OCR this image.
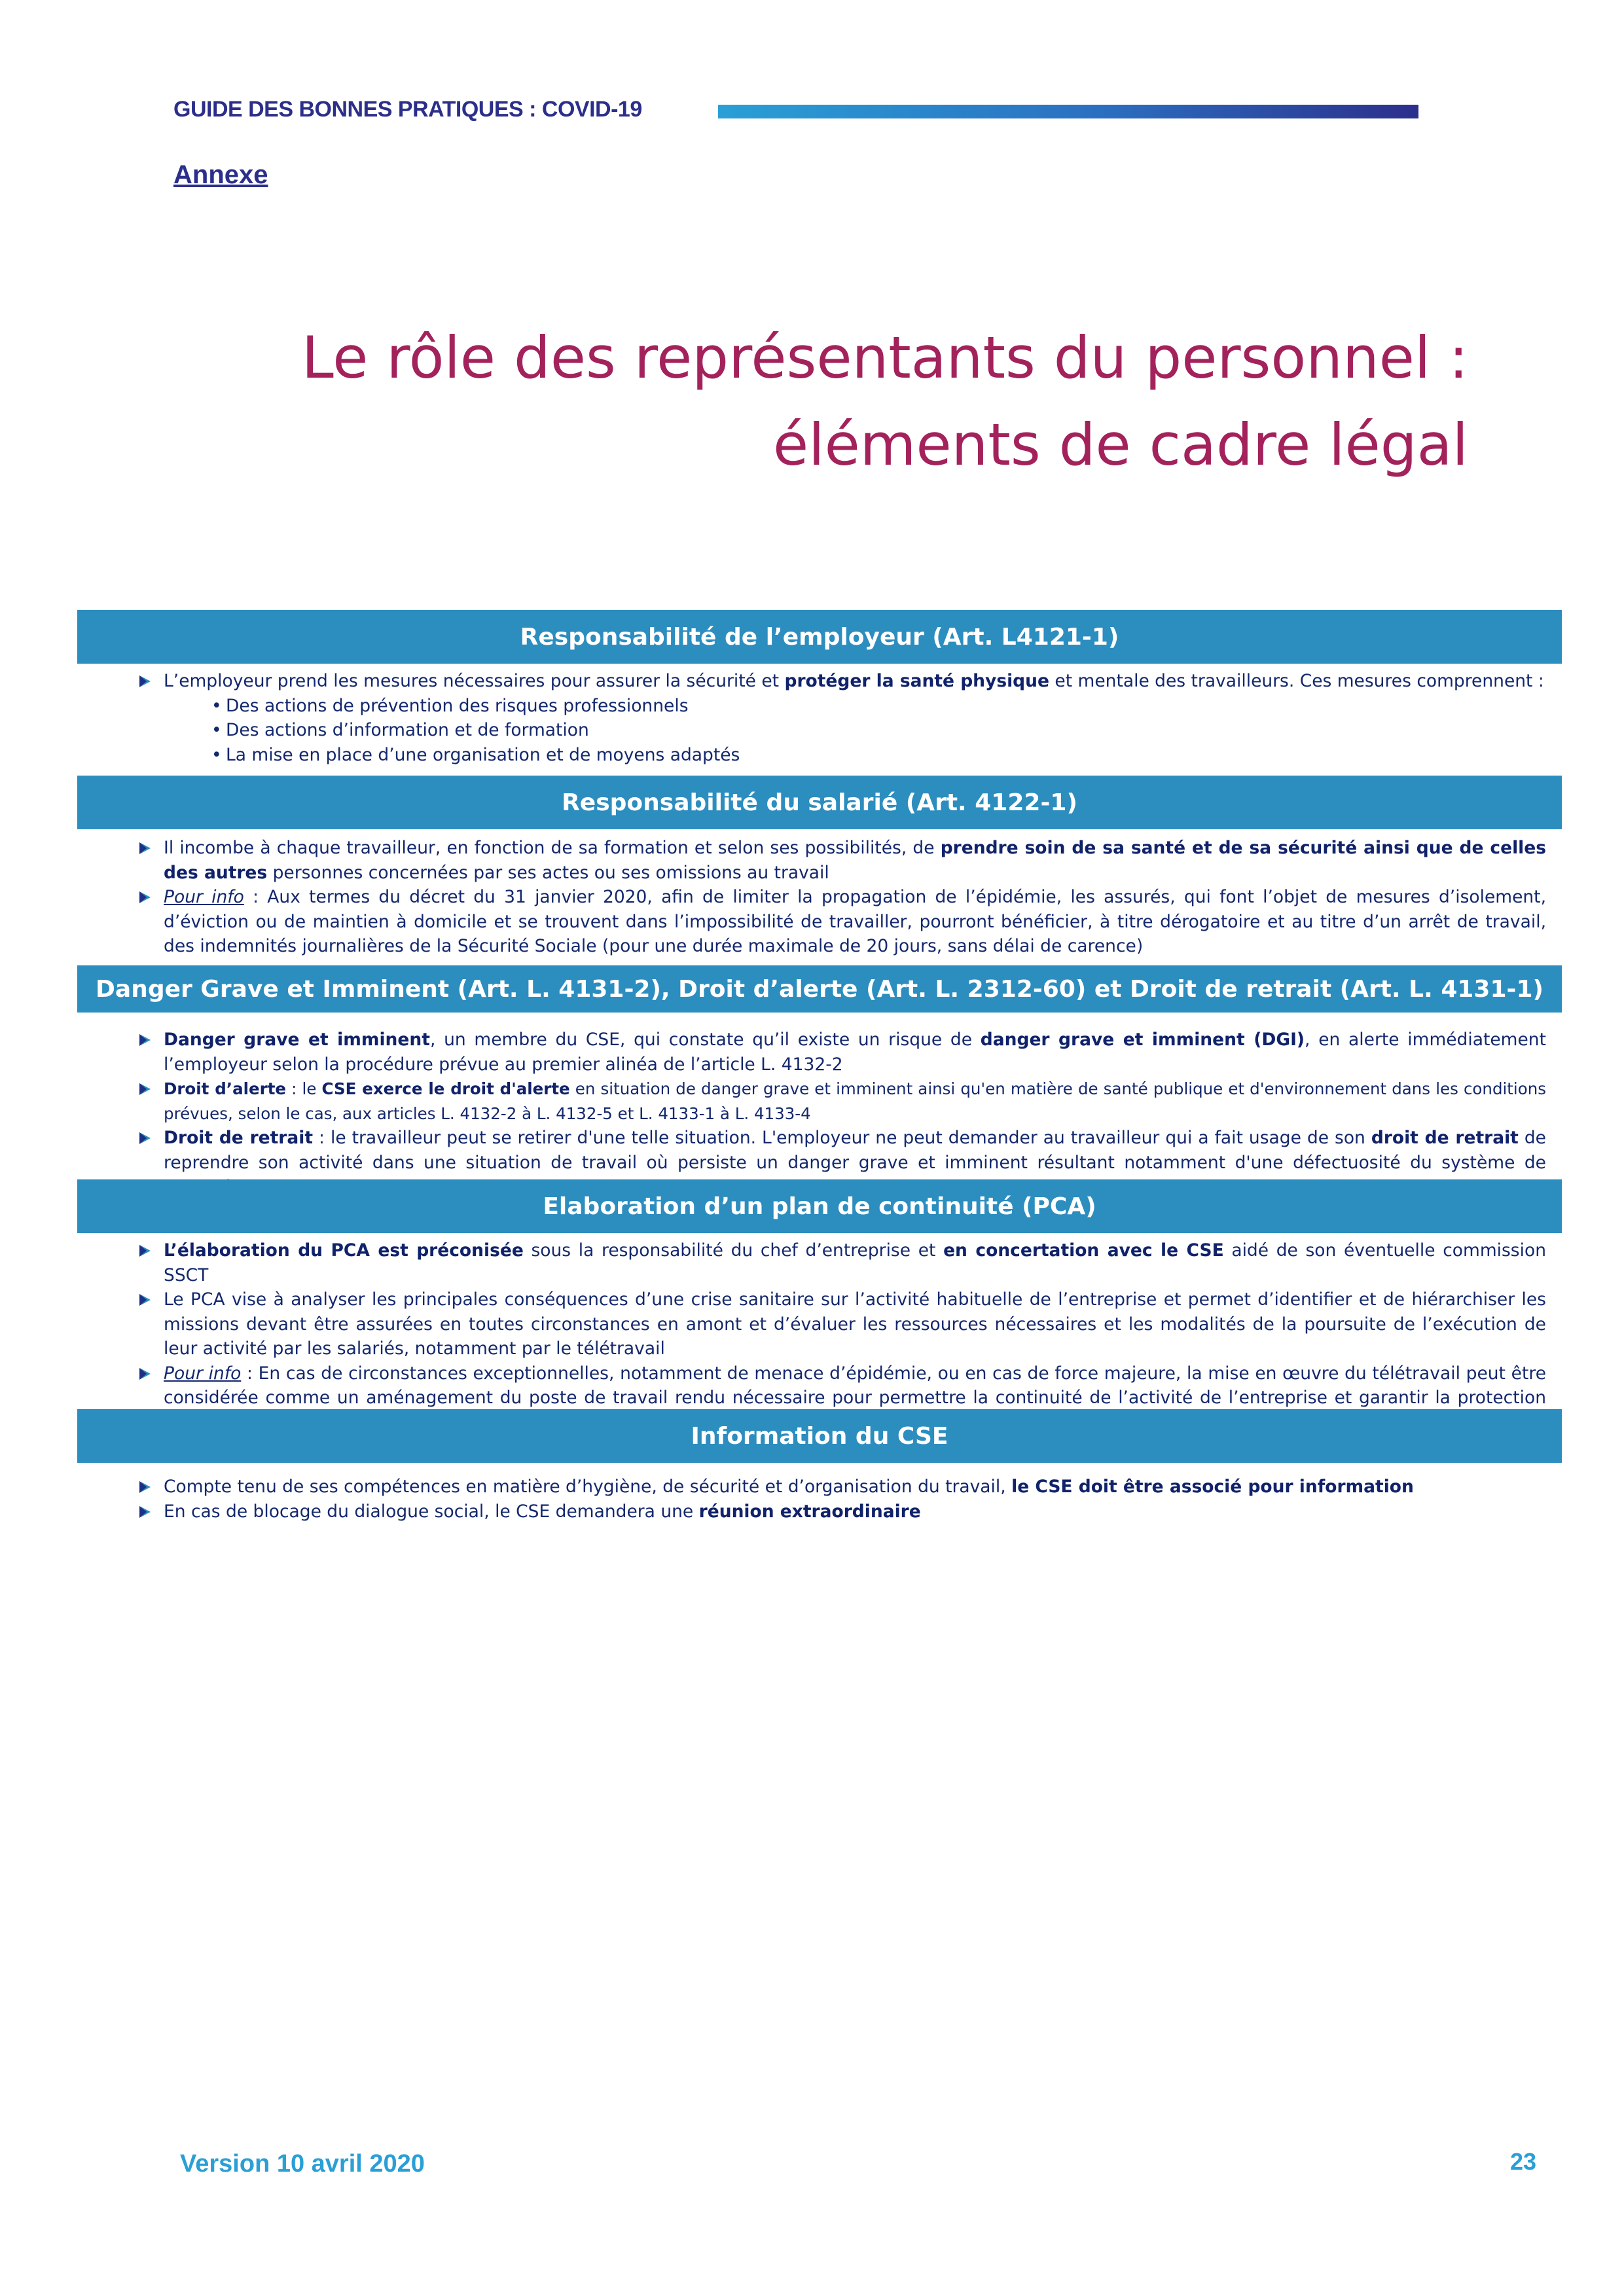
GUIDE DES BONNES PRATIQUES : COVID-19
Annexe
Le rôle des représentants du personnel :
éléments de cadre légal
Responsabilité de l’employeur (Art. L4121-1)
L’employeur prend les mesures nécessaires pour assurer la sécurité et protéger la santé physique et mentale des travailleurs. Ces mesures comprennent :
• Des actions de prévention des risques professionnels
• Des actions d’information et de formation
• La mise en place d’une organisation et de moyens adaptés
Responsabilité du salarié (Art. 4122-1)
Il incombe à chaque travailleur, en fonction de sa formation et selon ses possibilités, de prendre soin de sa santé et de sa sécurité ainsi que de celles des autres personnes concernées par ses actes ou ses omissions au travail
Pour info : Aux termes du décret du 31 janvier 2020, afin de limiter la propagation de l’épidémie, les assurés, qui font l’objet de mesures d’isolement, d’éviction ou de maintien à domicile et se trouvent dans l’impossibilité de travailler, pourront bénéficier, à titre dérogatoire et au titre d’un arrêt de travail, des indemnités journalières de la Sécurité Sociale (pour une durée maximale de 20 jours, sans délai de carence)
Danger Grave et Imminent (Art. L. 4131-2), Droit d’alerte (Art. L. 2312-60) et Droit de retrait (Art. L. 4131-1)
Danger grave et imminent, un membre du CSE, qui constate qu’il existe un risque de danger grave et imminent (DGI), en alerte immédiatement l’employeur selon la procédure prévue au premier alinéa de l’article L. 4132-2
Droit d’alerte : le CSE exerce le droit d'alerte en situation de danger grave et imminent ainsi qu'en matière de santé publique et d'environnement dans les conditions prévues, selon le cas, aux articles L. 4132-2 à L. 4132-5 et L. 4133-1 à L. 4133-4
Droit de retrait : le travailleur peut se retirer d'une telle situation. L'employeur ne peut demander au travailleur qui a fait usage de son droit de retrait de reprendre son activité dans une situation de travail où persiste un danger grave et imminent résultant notamment d'une défectuosité du système de
Elaboration d’un plan de continuité (PCA)
L’élaboration du PCA est préconisée sous la responsabilité du chef d’entreprise et en concertation avec le CSE aidé de son éventuelle commission SSCT
Le PCA vise à analyser les principales conséquences d’une crise sanitaire sur l’activité habituelle de l’entreprise et permet d’identifier et de hiérarchiser les missions devant être assurées en toutes circonstances en amont et d’évaluer les ressources nécessaires et les modalités de la poursuite de l’exécution de leur activité par les salariés, notamment par le télétravail
Pour info : En cas de circonstances exceptionnelles, notamment de menace d’épidémie, ou en cas de force majeure, la mise en œuvre du télétravail peut être considérée comme un aménagement du poste de travail rendu nécessaire pour permettre la continuité de l’activité de l’entreprise et garantir la protection
Information du CSE
Compte tenu de ses compétences en matière d’hygiène, de sécurité et d’organisation du travail, le CSE doit être associé pour information
En cas de blocage du dialogue social, le CSE demandera une réunion extraordinaire
Version 10 avril 2020	23
